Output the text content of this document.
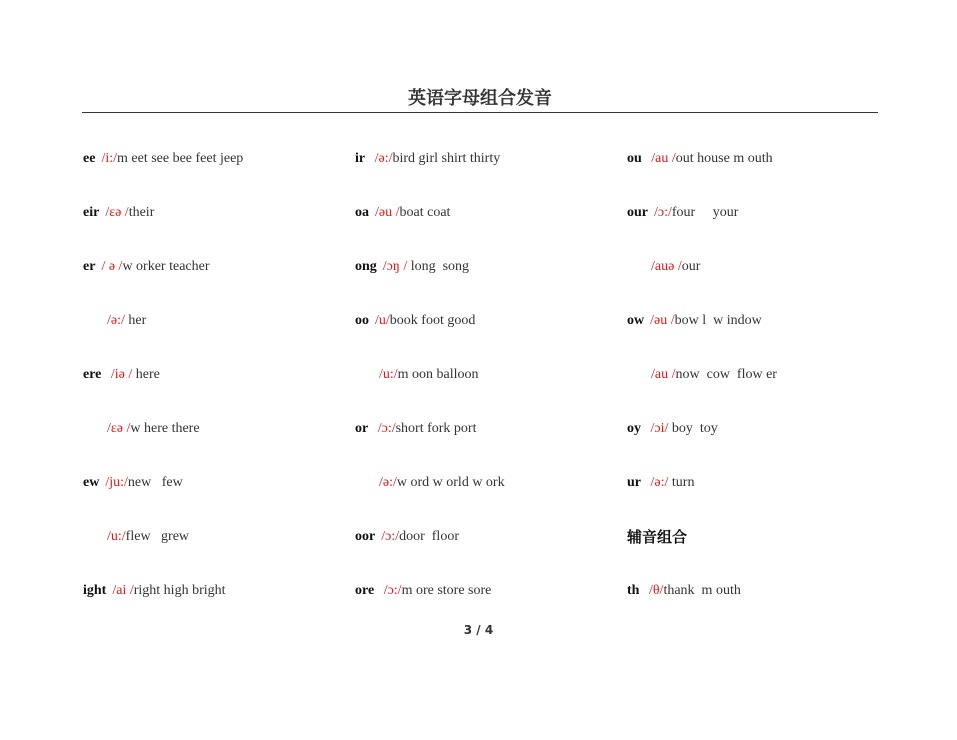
英语字母组合发音
ee /i:/m eet see bee feet jeep
eir /εə /their
er / ə /w orker teacher
/ə:/ her
ere /iə / here
/εə /w here there
ew /ju:/new   few
/u:/flew   grew
ight /ai /right high bright
ir /ə:/bird girl shirt thirty
oa /əu /boat coat
ong /ɔŋ / long  song
oo /u/book foot good
/u:/m oon balloon
or /ɔ:/short fork port
/ə:/w ord w orld w ork
oor /ɔ:/door  floor
ore /ɔ:/m ore store sore
ou /au /out house m outh
our /ɔ:/four     your
/auə /our
ow /əu /bow l  w indow
/au /now  cow  flow er
oy /ɔi/ boy  toy
ur /ə:/ turn
辅音组合
th /θ/thank  m outh
3 / 4
